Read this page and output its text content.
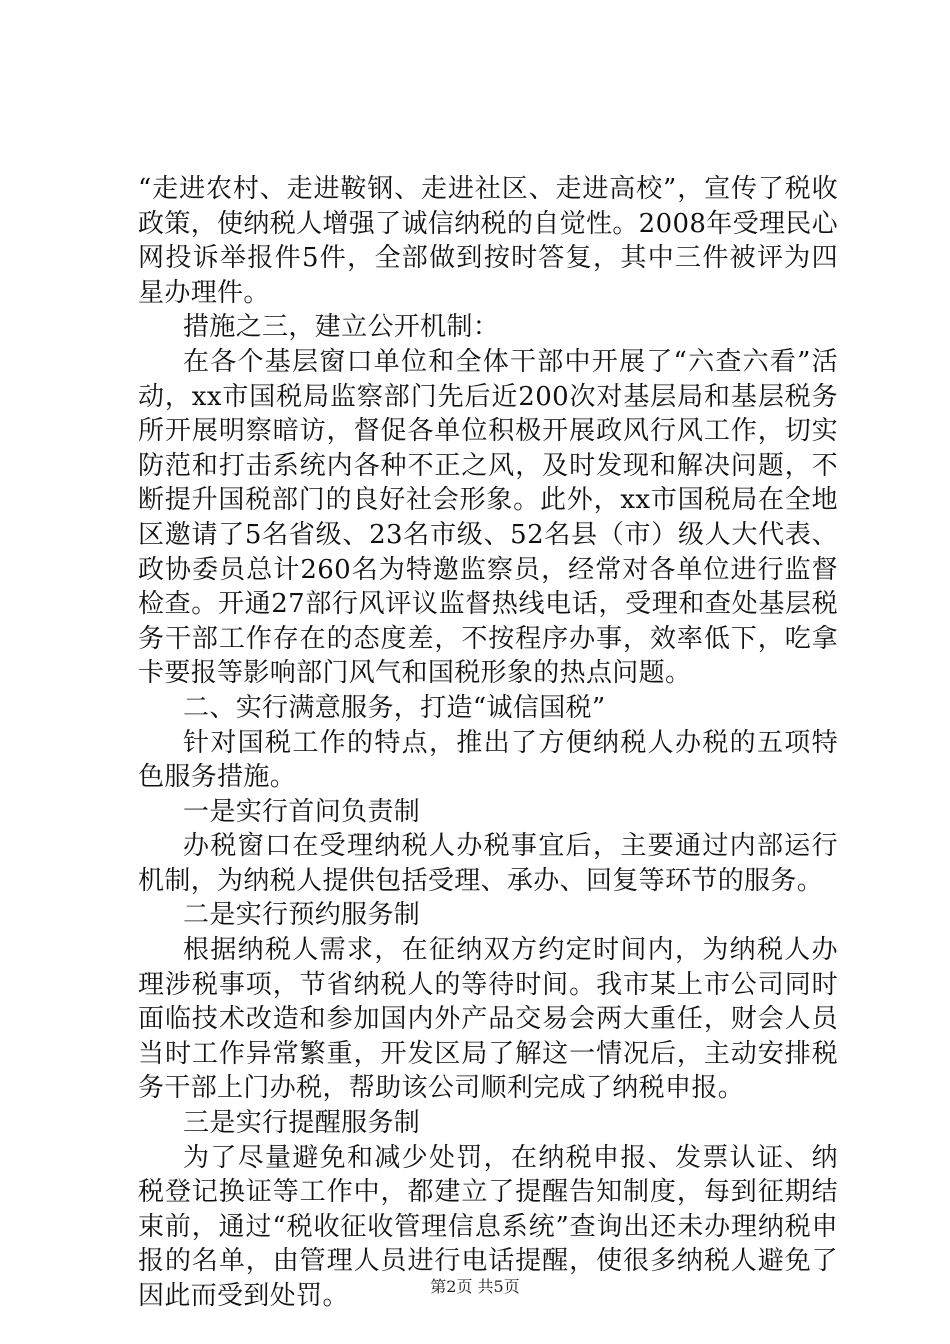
“走进农村、走进鞍钢、走进社区、走进高校”，宣传了税收政策，使纳税人增强了诚信纳税的自觉性。2008年受理民心网投诉举报件5件，全部做到按时答复，其中三件被评为四星办理件。

措施之三，建立公开机制：

在各个基层窗口单位和全体干部中开展了“六查六看”活动，xx市国税局监察部门先后近200次对基层局和基层税务所开展明察暗访，督促各单位积极开展政风行风工作，切实防范和打击系统内各种不正之风，及时发现和解决问题，不断提升国税部门的良好社会形象。此外，xx市国税局在全地区邀请了5名省级、23名市级、52名县（市）级人大代表、政协委员总计260名为特邀监察员，经常对各单位进行监督检查。开通27部行风评议监督热线电话，受理和查处基层税务干部工作存在的态度差，不按程序办事，效率低下，吃拿卡要报等影响部门风气和国税形象的热点问题。

二、实行满意服务，打造“诚信国税”

针对国税工作的特点，推出了方便纳税人办税的五项特色服务措施。

一是实行首问负责制

办税窗口在受理纳税人办税事宜后，主要通过内部运行机制，为纳税人提供包括受理、承办、回复等环节的服务。

二是实行预约服务制

根据纳税人需求，在征纳双方约定时间内，为纳税人办理涉税事项，节省纳税人的等待时间。我市某上市公司同时面临技术改造和参加国内外产品交易会两大重任，财会人员当时工作异常繁重，开发区局了解这一情况后，主动安排税务干部上门办税，帮助该公司顺利完成了纳税申报。

三是实行提醒服务制

为了尽量避免和减少处罚，在纳税申报、发票认证、纳税登记换证等工作中，都建立了提醒告知制度，每到征期结束前，通过“税收征收管理信息系统”查询出还未办理纳税申报的名单，由管理人员进行电话提醒，使很多纳税人避免了因此而受到处罚。	第2页 共5页
